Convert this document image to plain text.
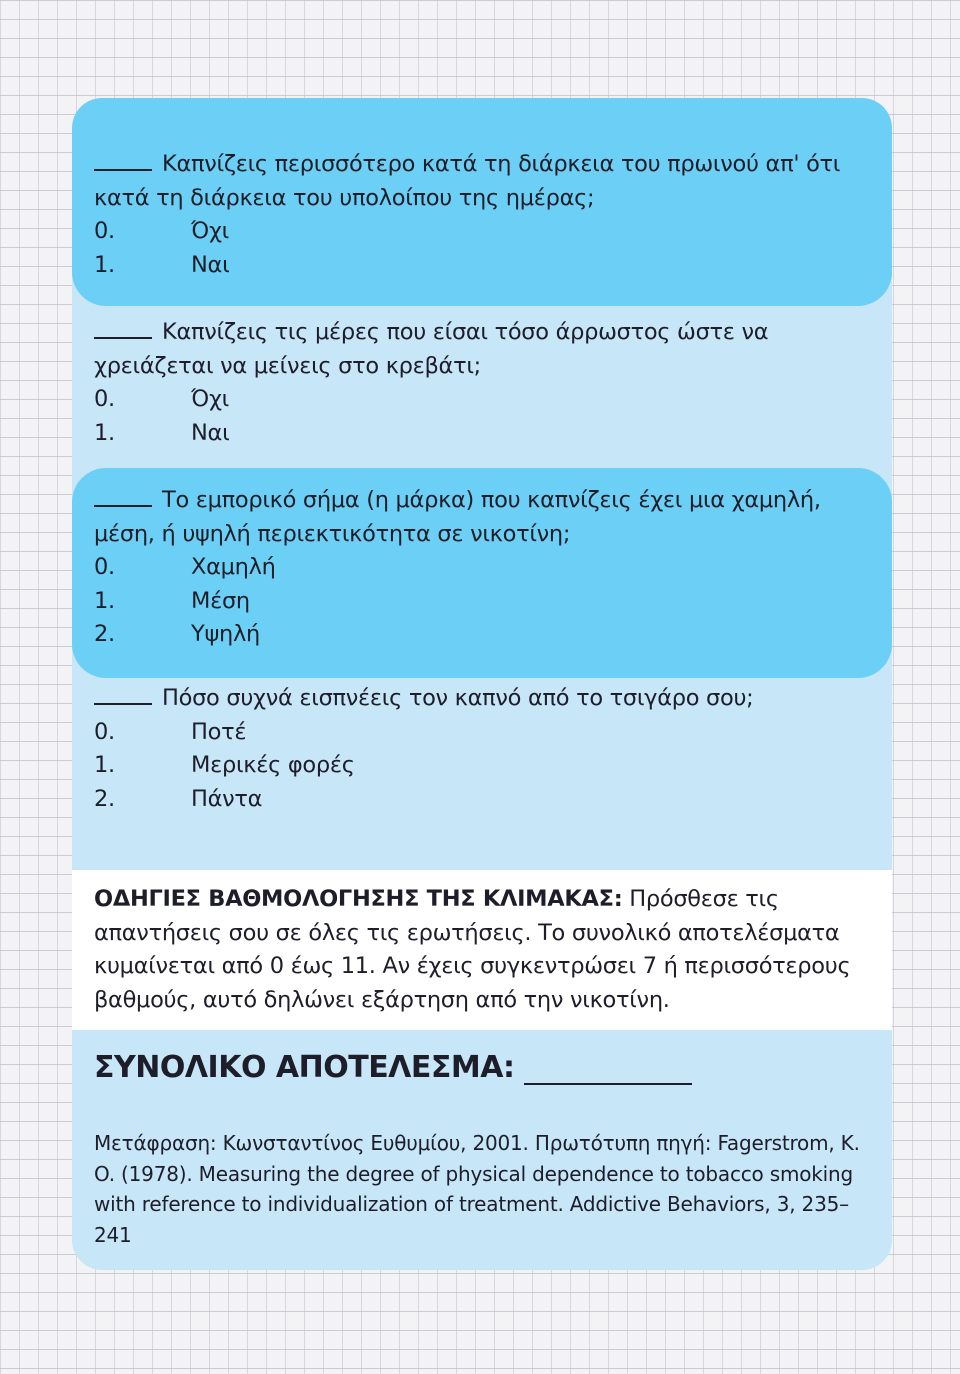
Καπνίζεις περισσότερο κατά τη διάρκεια του πρωινού απ' ότι κατά τη διάρκεια του υπολοίπου της ημέρας;
0.	Όχι
1.	Ναι
Καπνίζεις τις μέρες που είσαι τόσο άρρωστος ώστε να χρειάζεται να μείνεις στο κρεβάτι;
0.	Όχι
1.	Ναι
Το εμπορικό σήμα (η μάρκα) που καπνίζεις έχει μια χαμηλή, μέση, ή υψηλή περιεκτικότητα σε νικοτίνη;
0.	Χαμηλή
1.	Μέση
2.	Υψηλή
Πόσο συχνά εισπνέεις τον καπνό από το τσιγάρο σου;
0.	Ποτέ
1.	Μερικές φορές
2.	Πάντα
ΟΔΗΓΙΕΣ ΒΑΘΜΟΛΟΓΗΣΗΣ ΤΗΣ ΚΛΙΜΑΚΑΣ: Πρόσθεσε τις απαντήσεις σου σε όλες τις ερωτήσεις. Το συνολικό αποτελέσματα κυμαίνεται από 0 έως 11. Αν έχεις συγκεντρώσει 7 ή περισσότερους βαθμούς, αυτό δηλώνει εξάρτηση από την νικοτίνη.
ΣΥΝΟΛΙΚΟ ΑΠΟΤΕΛΕΣΜΑ:
Μετάφραση: Κωνσταντίνος Ευθυμίου, 2001. Πρωτότυπη πηγή: Fagerstrom, K. O. (1978). Measuring the degree of physical dependence to tobacco smoking with reference to individualization of treatment. Addictive Behaviors, 3, 235–241
